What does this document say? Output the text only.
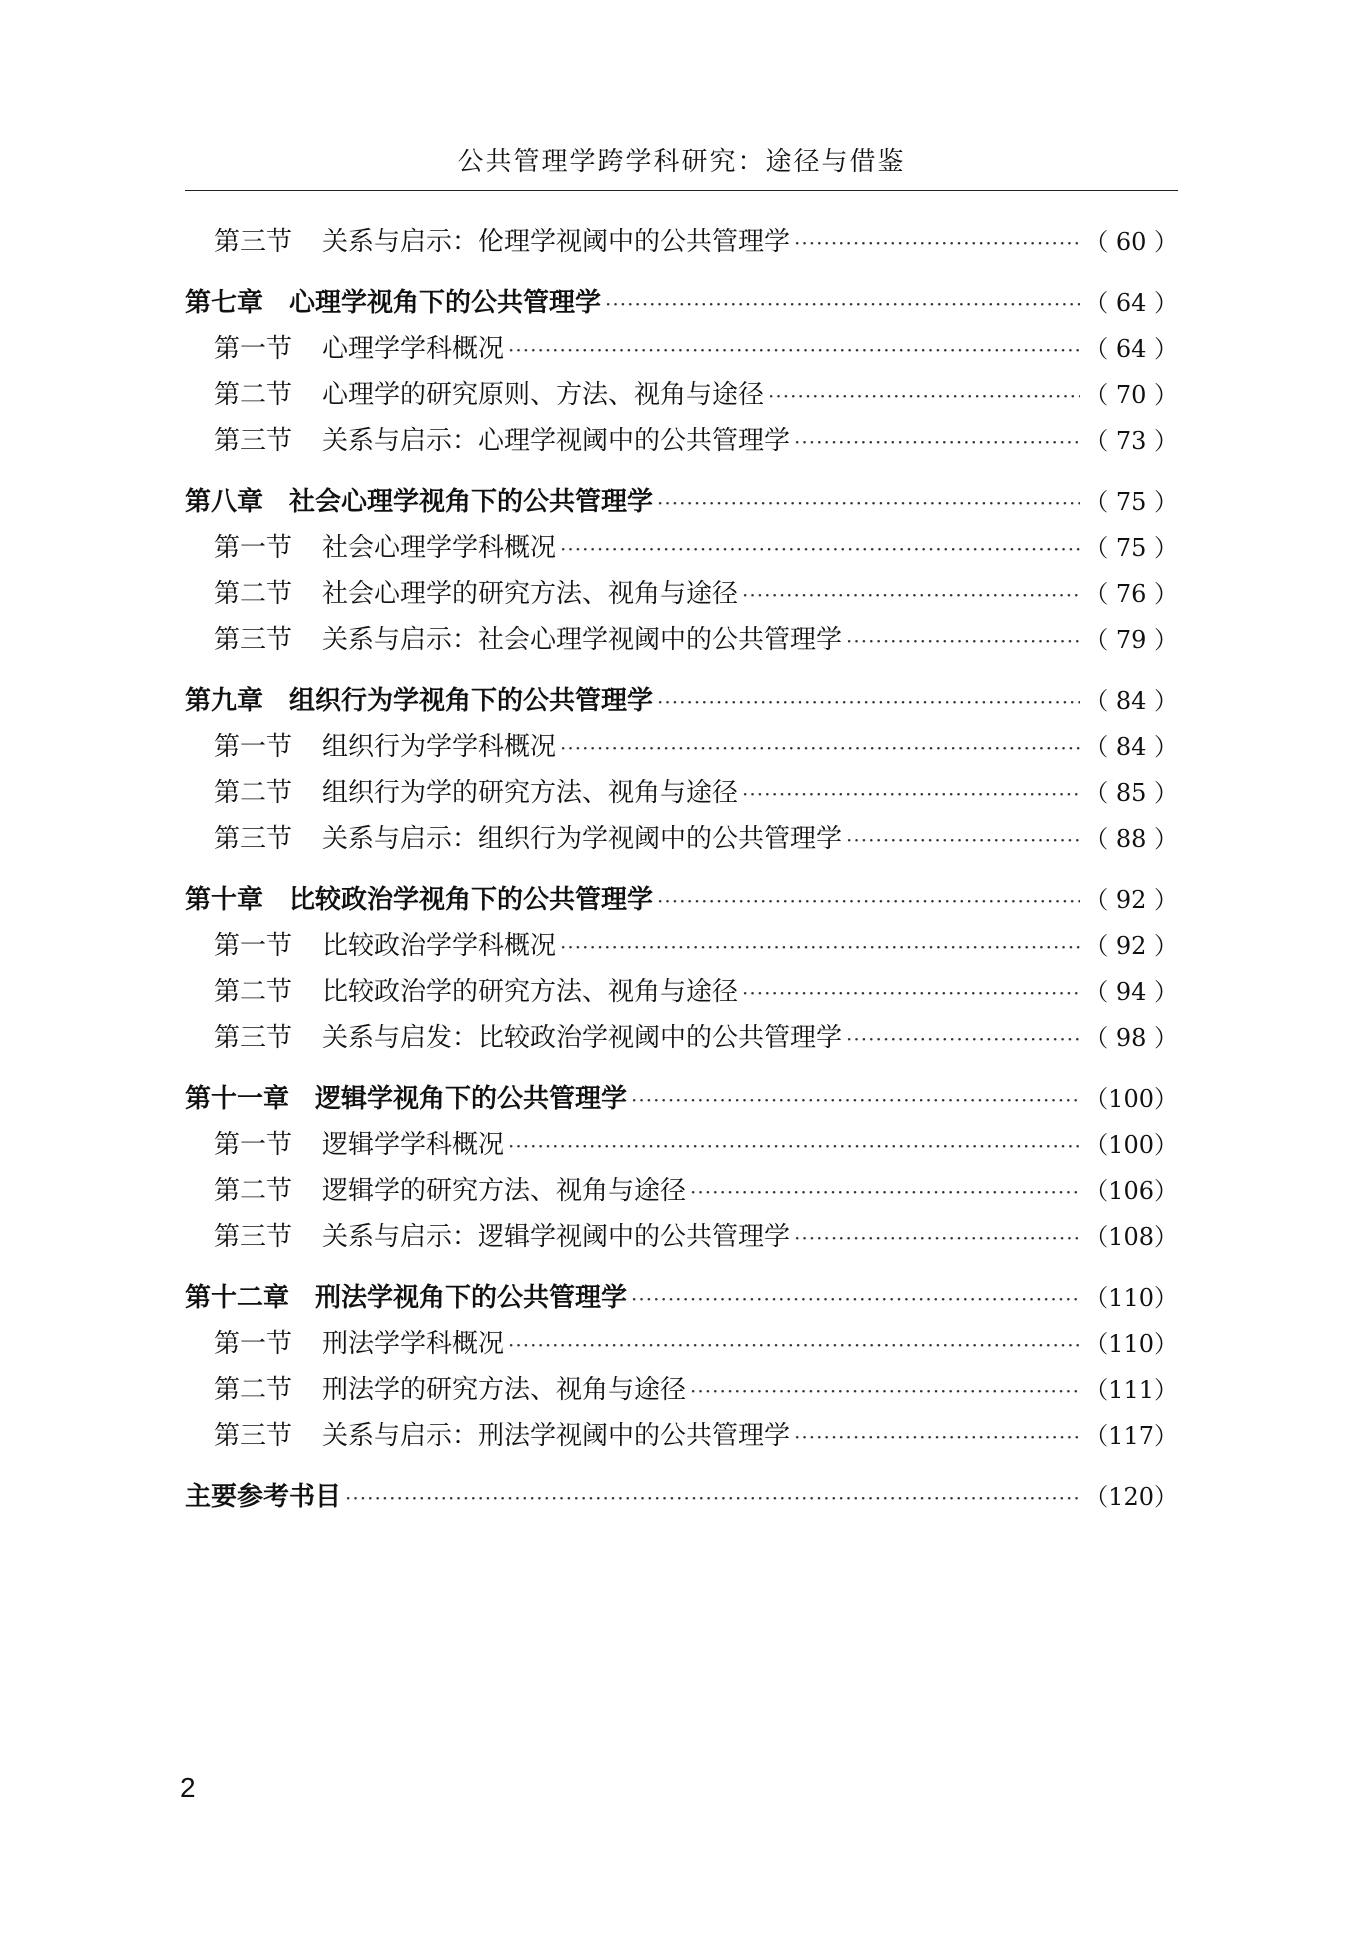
公共管理学跨学科研究：途径与借鉴
第三节 关系与启示：伦理学视阈中的公共管理学 ·····	（ 60 ）
第七章 心理学视角下的公共管理学 ·····	（ 64 ）
第一节 心理学学科概况 ·····	（ 64 ）
第二节 心理学的研究原则、方法、视角与途径 ·····	（ 70 ）
第三节 关系与启示：心理学视阈中的公共管理学 ·····	（ 73 ）
第八章 社会心理学视角下的公共管理学 ·····	（ 75 ）
第一节 社会心理学学科概况 ·····	（ 75 ）
第二节 社会心理学的研究方法、视角与途径 ·····	（ 76 ）
第三节 关系与启示：社会心理学视阈中的公共管理学 ·····	（ 79 ）
第九章 组织行为学视角下的公共管理学 ·····	（ 84 ）
第一节 组织行为学学科概况 ·····	（ 84 ）
第二节 组织行为学的研究方法、视角与途径 ·····	（ 85 ）
第三节 关系与启示：组织行为学视阈中的公共管理学 ·····	（ 88 ）
第十章 比较政治学视角下的公共管理学 ·····	（ 92 ）
第一节 比较政治学学科概况 ·····	（ 92 ）
第二节 比较政治学的研究方法、视角与途径 ·····	（ 94 ）
第三节 关系与启发：比较政治学视阈中的公共管理学 ·····	（ 98 ）
第十一章 逻辑学视角下的公共管理学 ·····	（100）
第一节 逻辑学学科概况 ·····	（100）
第二节 逻辑学的研究方法、视角与途径 ·····	（106）
第三节 关系与启示：逻辑学视阈中的公共管理学 ·····	（108）
第十二章 刑法学视角下的公共管理学 ·····	（110）
第一节 刑法学学科概况 ·····	（110）
第二节 刑法学的研究方法、视角与途径 ·····	（111）
第三节 关系与启示：刑法学视阈中的公共管理学 ·····	（117）
主要参考书目 ·····	（120）
2
